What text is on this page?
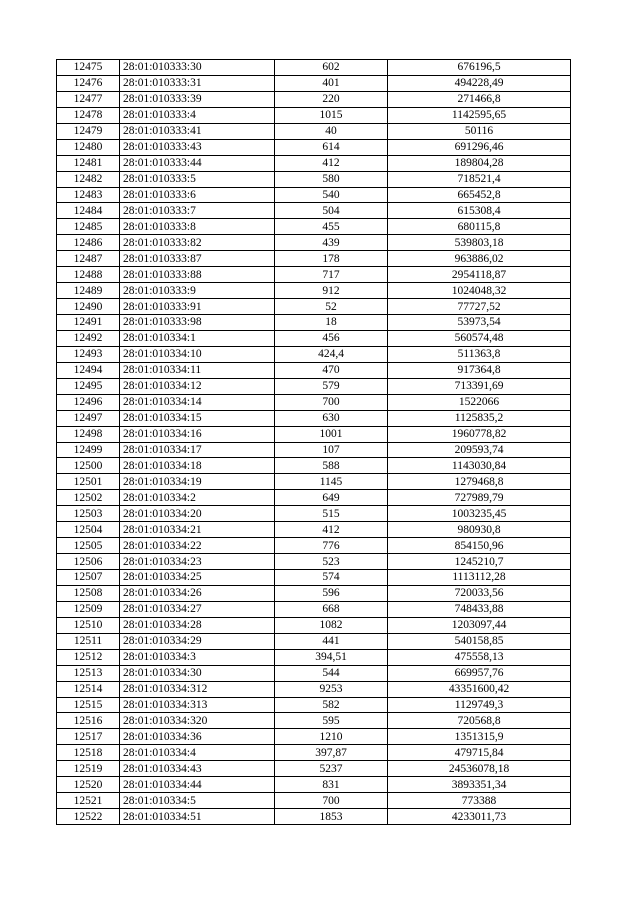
12475	28:01:010333:30	602	676196,5
12476	28:01:010333:31	401	494228,49
12477	28:01:010333:39	220	271466,8
12478	28:01:010333:4	1015	1142595,65
12479	28:01:010333:41	40	50116
12480	28:01:010333:43	614	691296,46
12481	28:01:010333:44	412	189804,28
12482	28:01:010333:5	580	718521,4
12483	28:01:010333:6	540	665452,8
12484	28:01:010333:7	504	615308,4
12485	28:01:010333:8	455	680115,8
12486	28:01:010333:82	439	539803,18
12487	28:01:010333:87	178	963886,02
12488	28:01:010333:88	717	2954118,87
12489	28:01:010333:9	912	1024048,32
12490	28:01:010333:91	52	77727,52
12491	28:01:010333:98	18	53973,54
12492	28:01:010334:1	456	560574,48
12493	28:01:010334:10	424,4	511363,8
12494	28:01:010334:11	470	917364,8
12495	28:01:010334:12	579	713391,69
12496	28:01:010334:14	700	1522066
12497	28:01:010334:15	630	1125835,2
12498	28:01:010334:16	1001	1960778,82
12499	28:01:010334:17	107	209593,74
12500	28:01:010334:18	588	1143030,84
12501	28:01:010334:19	1145	1279468,8
12502	28:01:010334:2	649	727989,79
12503	28:01:010334:20	515	1003235,45
12504	28:01:010334:21	412	980930,8
12505	28:01:010334:22	776	854150,96
12506	28:01:010334:23	523	1245210,7
12507	28:01:010334:25	574	1113112,28
12508	28:01:010334:26	596	720033,56
12509	28:01:010334:27	668	748433,88
12510	28:01:010334:28	1082	1203097,44
12511	28:01:010334:29	441	540158,85
12512	28:01:010334:3	394,51	475558,13
12513	28:01:010334:30	544	669957,76
12514	28:01:010334:312	9253	43351600,42
12515	28:01:010334:313	582	1129749,3
12516	28:01:010334:320	595	720568,8
12517	28:01:010334:36	1210	1351315,9
12518	28:01:010334:4	397,87	479715,84
12519	28:01:010334:43	5237	24536078,18
12520	28:01:010334:44	831	3893351,34
12521	28:01:010334:5	700	773388
12522	28:01:010334:51	1853	4233011,73
